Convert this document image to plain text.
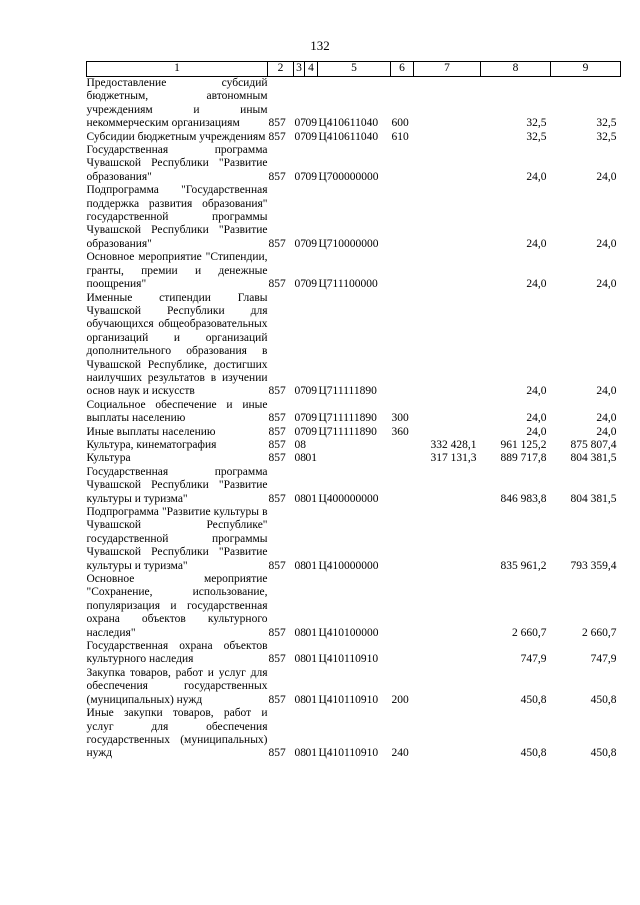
132
1	2	3	4	5	6	7	8	9
Предоставление субсидий бюджетным, автономным учреждениям и иным некоммерческим организациям	857	07	09	Ц410611040	600		32,5	32,5
Субсидии бюджетным учреждениям	857	07	09	Ц410611040	610		32,5	32,5
Государственная программа Чувашской Республики "Развитие образования"	857	07	09	Ц700000000			24,0	24,0
Подпрограмма "Государственная поддержка развития образования" государственной программы Чувашской Республики "Развитие образования"	857	07	09	Ц710000000			24,0	24,0
Основное мероприятие "Стипендии, гранты, премии и денежные поощрения"	857	07	09	Ц711100000			24,0	24,0
Именные стипендии Главы Чувашской Республики для обучающихся общеобразовательных организаций и организаций дополнительного образования в Чувашской Республике, достигших наилучших результатов в изучении основ наук и искусств	857	07	09	Ц711111890			24,0	24,0
Социальное обеспечение и иные выплаты населению	857	07	09	Ц711111890	300		24,0	24,0
Иные выплаты населению	857	07	09	Ц711111890	360		24,0	24,0
Культура, кинематография	857	08				332 428,1	961 125,2	875 807,4
Культура	857	08	01			317 131,3	889 717,8	804 381,5
Государственная программа Чувашской Республики "Развитие культуры и туризма"	857	08	01	Ц400000000			846 983,8	804 381,5
Подпрограмма "Развитие культуры в Чувашской Республике" государственной программы Чувашской Республики "Развитие культуры и туризма"	857	08	01	Ц410000000			835 961,2	793 359,4
Основное мероприятие "Сохранение, использование, популяризация и государственная охрана объектов культурного наследия"	857	08	01	Ц410100000			2 660,7	2 660,7
Государственная охрана объектов культурного наследия	857	08	01	Ц410110910			747,9	747,9
Закупка товаров, работ и услуг для обеспечения государственных (муниципальных) нужд	857	08	01	Ц410110910	200		450,8	450,8
Иные закупки товаров, работ и услуг для обеспечения государственных (муниципальных) нужд	857	08	01	Ц410110910	240		450,8	450,8
